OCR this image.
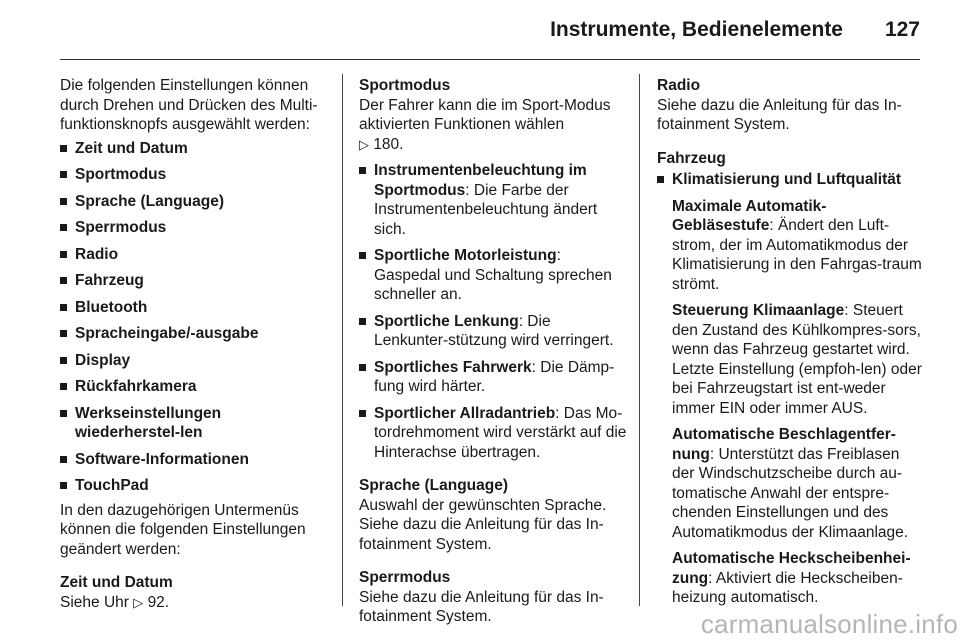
Instrumente, Bedienelemente 127

Die folgenden Einstellungen können durch Drehen und Drücken des Multi-funktionsknopfs ausgewählt werden:

Zeit und Datum
Sportmodus
Sprache (Language)
Sperrmodus
Radio
Fahrzeug
Bluetooth
Spracheingabe/-ausgabe
Display
Rückfahrkamera
Werkseinstellungen wiederherstel-len
Software-Informationen
TouchPad

In den dazugehörigen Untermenüs können die folgenden Einstellungen geändert werden:

Zeit und Datum

Siehe Uhr ▷ 92.

Sportmodus

Der Fahrer kann die im Sport-Modus aktivierten Funktionen wählen
▷ 180.

Instrumentenbeleuchtung im Sportmodus: Die Farbe der Instrumentenbeleuchtung ändert sich.
Sportliche Motorleistung: Gaspedal und Schaltung sprechen schneller an.
Sportliche Lenkung: Die Lenkunter-stützung wird verringert.
Sportliches Fahrwerk: Die Dämp-fung wird härter.
Sportlicher Allradantrieb: Das Mo-tordrehmoment wird verstärkt auf die Hinterachse übertragen.

Sprache (Language)

Auswahl der gewünschten Sprache. Siehe dazu die Anleitung für das In-fotainment System.

Sperrmodus

Siehe dazu die Anleitung für das In-fotainment System.

Radio

Siehe dazu die Anleitung für das In-fotainment System.

Fahrzeug

Klimatisierung und Luftqualität

Maximale Automatik-Gebläsestufe: Ändert den Luft-strom, der im Automatikmodus der Klimatisierung in den Fahrgas-traum strömt.

Steuerung Klimaanlage: Steuert den Zustand des Kühlkompres-sors, wenn das Fahrzeug gestartet wird. Letzte Einstellung (empfoh-len) oder bei Fahrzeugstart ist ent-weder immer EIN oder immer AUS.

Automatische Beschlagentfer-nung: Unterstützt das Freiblasen der Windschutzscheibe durch au-tomatische Anwahl der entspre-chenden Einstellungen und des Automatikmodus der Klimaanlage.

Automatische Heckscheibenhei-zung: Aktiviert die Heckscheiben-heizung automatisch.

carmanualsonline.info
